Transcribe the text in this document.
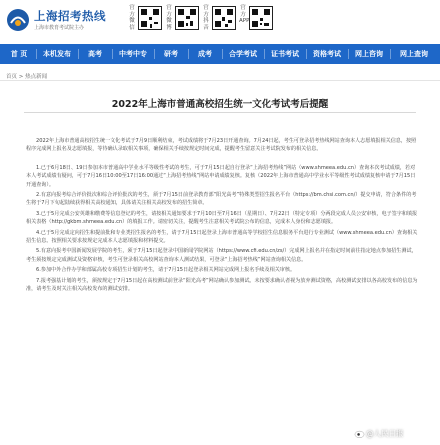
上海招考热线
上海市教育考试院主办
官方微信
官方微博
官方抖音
官方APP
首 页	本机发布	高考	中考中专	研考	成考	合学考试	证书考试	资格考试	网上咨询	网上查询
首页 > 热点新闻
2022年上海市普通高校招生统一文化考试考后提醒

2022年上海市普通高校招生统一文化考试于7月9日顺利结束，考试成绩将于7月23日开通查询。7月24日起，考生可登录招考热线网站查询本人志愿填报相关信息，按照程序完成网上报名及志愿填报，等待确认录取相关事项，确保相关手续按规定时间完成，提醒考生留意关注考试院发布的相关信息。

1.已于6月18日、19日参加本市普通高中学业水平等级性考试的考生，可于7月15日起自行登录“上海招考热线”网站（www.shmeea.edu.cn）查询本次考试成绩，若对本人考试成绩有疑问，可于7月16日10:00至17日16:00通过“上海招考热线”网站申请成绩复核。复核（2022年上海市普通高中学业水平等级性考试成绩复核申请于7月15日开通查询）。

2.有意向报考综合评价批次和综合评价批次的考生，须于7月15日前登录教育部“阳光高考”特殊类型招生报名平台（https://bm.chsi.com.cn/）提交申请，符合条件的考生将于7月下旬起陆续获得相关高校通知，具体请关注相关高校发布的招生简章。

3.已于5月完成公安英雄和缴费等信息登记的考生，请按相关通知要求于7月10日至7月16日（星期日）、7月22日（特定专项）分两段完成人员公安审核，电子签字和填报相关表格（http://gkbm.shmeea.edu.cn）的填报工作。请密切关注，提醒考生注意相关考试院公布的信息，完成本人身份和志愿填报。

4.已于5月完成定向招生和提前批和专业类招生报名的考生，请于7月15日起登录上海市普通高等学校招生信息服务平台进行专业测试（www.shmeea.edu.cn）查询相关招生信息。按照相关要求按规定完成本人志愿填报和材料提交。

5.有意向报考中国新闻发展学院的考生，须于7月15日起登录中国新闻学院网站（https://www.cfi.edu.cn/zs/）完成网上报名并在指定时间前往指定地点参加招生测试，考生须按规定完成测试及资格审核，考生可登录相关高校网站查询本人测试结果，可登录“上海招考热线”网站查询相关信息。

6.参加中外合作办学和部属高校专项招生计划的考生，请于7月15日起登录相关网站完成网上报名手续及相关审核。

7.报考强基计划的考生，须按规定于7月15日起在高校测试前登录“阳光高考”网站确认参加测试。未按要求确认者视为放弃测试资格，高校测试安排以各高校发布的信息为准，请考生及时关注相关高校发布的测试安排。

@人民日报
